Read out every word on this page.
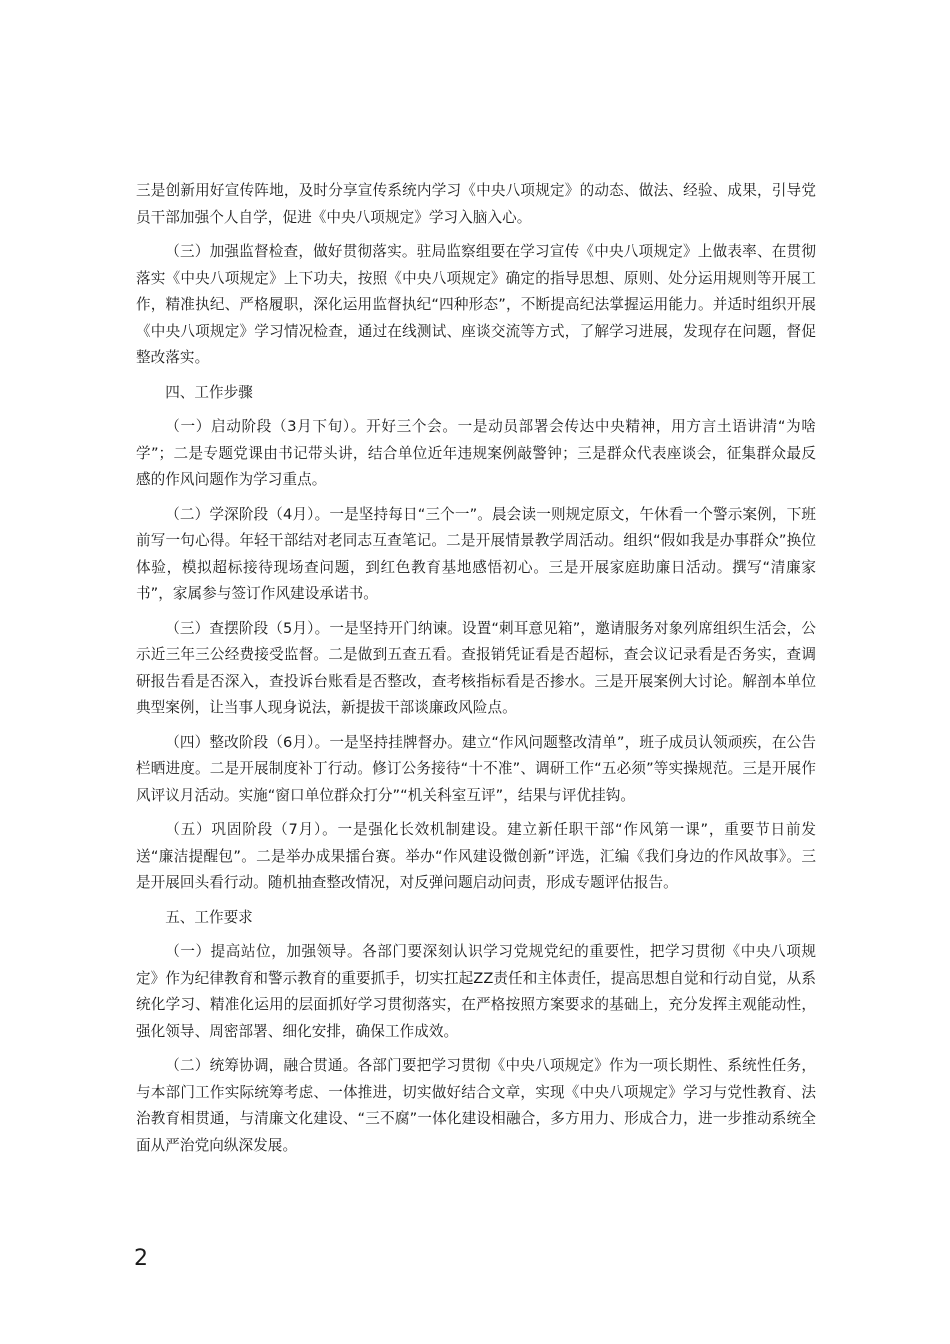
三是创新用好宣传阵地，及时分享宣传系统内学习《中央八项规定》的动态、做法、经验、成果，引导党员干部加强个人自学，促进《中央八项规定》学习入脑入心。

（三）加强监督检查，做好贯彻落实。驻局监察组要在学习宣传《中央八项规定》上做表率、在贯彻落实《中央八项规定》上下功夫，按照《中央八项规定》确定的指导思想、原则、处分运用规则等开展工作，精准执纪、严格履职，深化运用监督执纪“四种形态”，不断提高纪法掌握运用能力。并适时组织开展《中央八项规定》学习情况检查，通过在线测试、座谈交流等方式，了解学习进展，发现存在问题，督促整改落实。

四、工作步骤

（一）启动阶段（3月下旬）。开好三个会。一是动员部署会传达中央精神，用方言土语讲清“为啥学”；二是专题党课由书记带头讲，结合单位近年违规案例敲警钟；三是群众代表座谈会，征集群众最反感的作风问题作为学习重点。

（二）学深阶段（4月）。一是坚持每日“三个一”。晨会读一则规定原文，午休看一个警示案例，下班前写一句心得。年轻干部结对老同志互查笔记。二是开展情景教学周活动。组织“假如我是办事群众”换位体验，模拟超标接待现场查问题，到红色教育基地感悟初心。三是开展家庭助廉日活动。撰写“清廉家书”，家属参与签订作风建设承诺书。

（三）查摆阶段（5月）。一是坚持开门纳谏。设置“刺耳意见箱”，邀请服务对象列席组织生活会，公示近三年三公经费接受监督。二是做到五查五看。查报销凭证看是否超标，查会议记录看是否务实，查调研报告看是否深入，查投诉台账看是否整改，查考核指标看是否掺水。三是开展案例大讨论。解剖本单位典型案例，让当事人现身说法，新提拔干部谈廉政风险点。

（四）整改阶段（6月）。一是坚持挂牌督办。建立“作风问题整改清单”，班子成员认领顽疾，在公告栏晒进度。二是开展制度补丁行动。修订公务接待“十不准”、调研工作“五必须”等实操规范。三是开展作风评议月活动。实施“窗口单位群众打分”“机关科室互评”，结果与评优挂钩。

（五）巩固阶段（7月）。一是强化长效机制建设。建立新任职干部“作风第一课”，重要节日前发送“廉洁提醒包”。二是举办成果擂台赛。举办“作风建设微创新”评选，汇编《我们身边的作风故事》。三是开展回头看行动。随机抽查整改情况，对反弹问题启动问责，形成专题评估报告。

五、工作要求

（一）提高站位，加强领导。各部门要深刻认识学习党规党纪的重要性，把学习贯彻《中央八项规定》作为纪律教育和警示教育的重要抓手，切实扛起ZZ责任和主体责任，提高思想自觉和行动自觉，从系统化学习、精准化运用的层面抓好学习贯彻落实，在严格按照方案要求的基础上，充分发挥主观能动性，强化领导、周密部署、细化安排，确保工作成效。

（二）统筹协调，融合贯通。各部门要把学习贯彻《中央八项规定》作为一项长期性、系统性任务，与本部门工作实际统筹考虑、一体推进，切实做好结合文章，实现《中央八项规定》学习与党性教育、法治教育相贯通，与清廉文化建设、“三不腐”一体化建设相融合，多方用力、形成合力，进一步推动系统全面从严治党向纵深发展。

2
